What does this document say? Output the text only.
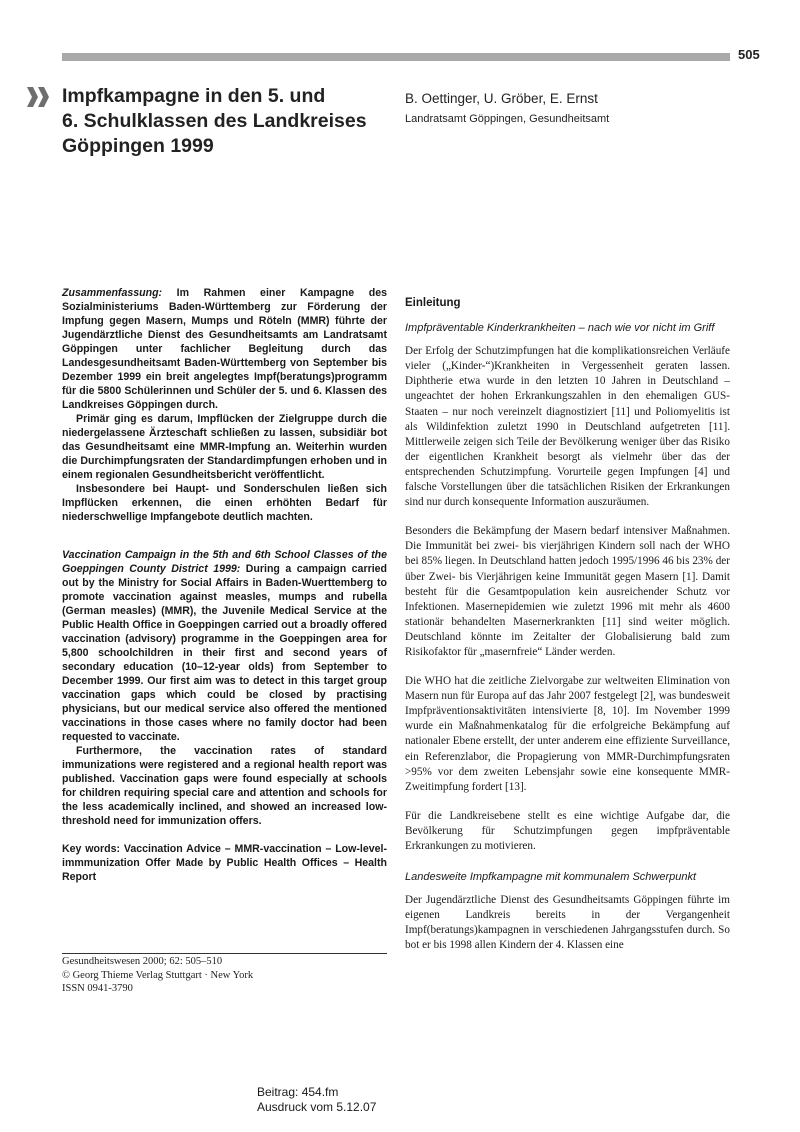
505
Impfkampagne in den 5. und
6. Schulklassen des Landkreises
Göppingen 1999
B. Oettinger, U. Gröber, E. Ernst
Landratsamt Göppingen, Gesundheitsamt

Zusammenfassung: Im Rahmen einer Kampagne des Sozialministeriums Baden-Württemberg zur Förderung der Impfung gegen Masern, Mumps und Röteln (MMR) führte der Jugendärztliche Dienst des Gesundheitsamts am Landratsamt Göppingen unter fachlicher Begleitung durch das Landesgesundheitsamt Baden-Württemberg von September bis Dezember 1999 ein breit angelegtes Impf(beratungs)programm für die 5800 Schülerinnen und Schüler der 5. und 6. Klassen des Landkreises Göppingen durch.

Primär ging es darum, Impflücken der Zielgruppe durch die niedergelassene Ärzteschaft schließen zu lassen, subsidiär bot das Gesundheitsamt eine MMR-Impfung an. Weiterhin wurden die Durchimpfungsraten der Standardimpfungen erhoben und in einem regionalen Gesundheitsbericht veröffentlicht.

Insbesondere bei Haupt- und Sonderschulen ließen sich Impflücken erkennen, die einen erhöhten Bedarf für niederschwellige Impfangebote deutlich machten.

Vaccination Campaign in the 5th and 6th School Classes of the Goeppingen County District 1999: During a campaign carried out by the Ministry for Social Affairs in Baden-Wuerttemberg to promote vaccination against measles, mumps and rubella (German measles) (MMR), the Juvenile Medical Service at the Public Health Office in Goeppingen carried out a broadly offered vaccination (advisory) programme in the Goeppingen area for 5,800 schoolchildren in their first and second years of secondary education (10–12-year olds) from September to December 1999. Our first aim was to detect in this target group vaccination gaps which could be closed by practising physicians, but our medical service also offered the mentioned vaccinations in those cases where no family doctor had been requested to vaccinate.

Furthermore, the vaccination rates of standard immunizations were registered and a regional health report was published. Vaccination gaps were found especially at schools for children requiring special care and attention and schools for the less academically inclined, and showed an increased low-threshold need for immunization offers.

Key words: Vaccination Advice – MMR-vaccination – Low-level-immmunization Offer Made by Public Health Offices – Health Report

Gesundheitswesen 2000; 62: 505–510
© Georg Thieme Verlag Stuttgart · New York
ISSN 0941-3790

Einleitung

Impfpräventable Kinderkrankheiten – nach wie vor nicht im Griff

Der Erfolg der Schutzimpfungen hat die komplikationsreichen Verläufe vieler („Kinder-“)Krankheiten in Vergessenheit geraten lassen. Diphtherie etwa wurde in den letzten 10 Jahren in Deutschland – ungeachtet der hohen Erkrankungszahlen in den ehemaligen GUS-Staaten – nur noch vereinzelt diagnostiziert [11] und Poliomyelitis ist als Wildinfektion zuletzt 1990 in Deutschland aufgetreten [11]. Mittlerweile zeigen sich Teile der Bevölkerung weniger über das Risiko der eigentlichen Krankheit besorgt als vielmehr über das der entsprechenden Schutzimpfung. Vorurteile gegen Impfungen [4] und falsche Vorstellungen über die tatsächlichen Risiken der Erkrankungen sind nur durch konsequente Information auszuräumen.

Besonders die Bekämpfung der Masern bedarf intensiver Maßnahmen. Die Immunität bei zwei- bis vierjährigen Kindern soll nach der WHO bei 85% liegen. In Deutschland hatten jedoch 1995/1996 46 bis 23% der über Zwei- bis Vierjährigen keine Immunität gegen Masern [1]. Damit besteht für die Gesamtpopulation kein ausreichender Schutz vor Infektionen. Masernepidemien wie zuletzt 1996 mit mehr als 4600 stationär behandelten Masernerkrankten [11] sind weiter möglich. Deutschland könnte im Zeitalter der Globalisierung bald zum Risikofaktor für „masernfreie“ Länder werden.

Die WHO hat die zeitliche Zielvorgabe zur weltweiten Elimination von Masern nun für Europa auf das Jahr 2007 festgelegt [2], was bundesweit Impfpräventionsaktivitäten intensivierte [8, 10]. Im November 1999 wurde ein Maßnahmenkatalog für die erfolgreiche Bekämpfung auf nationaler Ebene erstellt, der unter anderem eine effiziente Surveillance, ein Referenzlabor, die Propagierung von MMR-Durchimpfungsraten >95% vor dem zweiten Lebensjahr sowie eine konsequente MMR-Zweitimpfung fordert [13].

Für die Landkreisebene stellt es eine wichtige Aufgabe dar, die Bevölkerung für Schutzimpfungen gegen impfpräventable Erkrankungen zu motivieren.

Landesweite Impfkampagne mit kommunalem Schwerpunkt

Der Jugendärztliche Dienst des Gesundheitsamts Göppingen führte im eigenen Landkreis bereits in der Vergangenheit Impf(beratungs)kampagnen in verschiedenen Jahrgangsstufen durch. So bot er bis 1998 allen Kindern der 4. Klassen eine

Beitrag: 454.fm
Ausdruck vom 5.12.07
